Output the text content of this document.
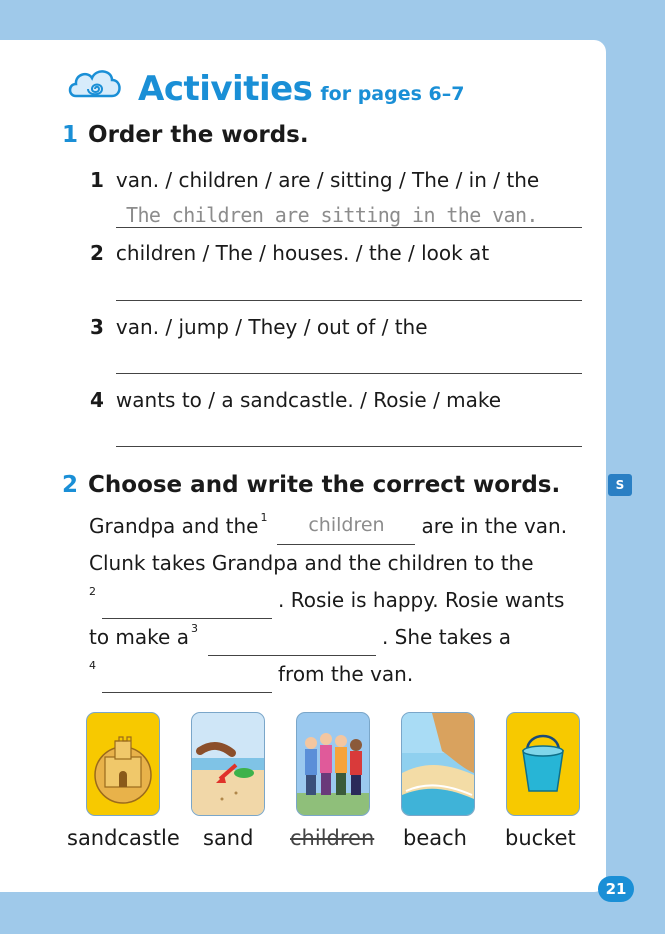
Activities for pages 6–7
1 Order the words.
1 van. / children / are / sitting / The / in / the
The children are sitting in the van.
2 children / The / houses. / the / look at
3 van. / jump / They / out of / the
4 wants to / a sandcastle. / Rosie / make
2 Choose and write the correct words.
Grandpa and the 1	children	are in the van.
Clunk takes Grandpa and the children to the
2	. Rosie is happy. Rosie wants
to make a 3	. She takes a
4	from the van.
sandcastle sand children beach bucket
S
21
